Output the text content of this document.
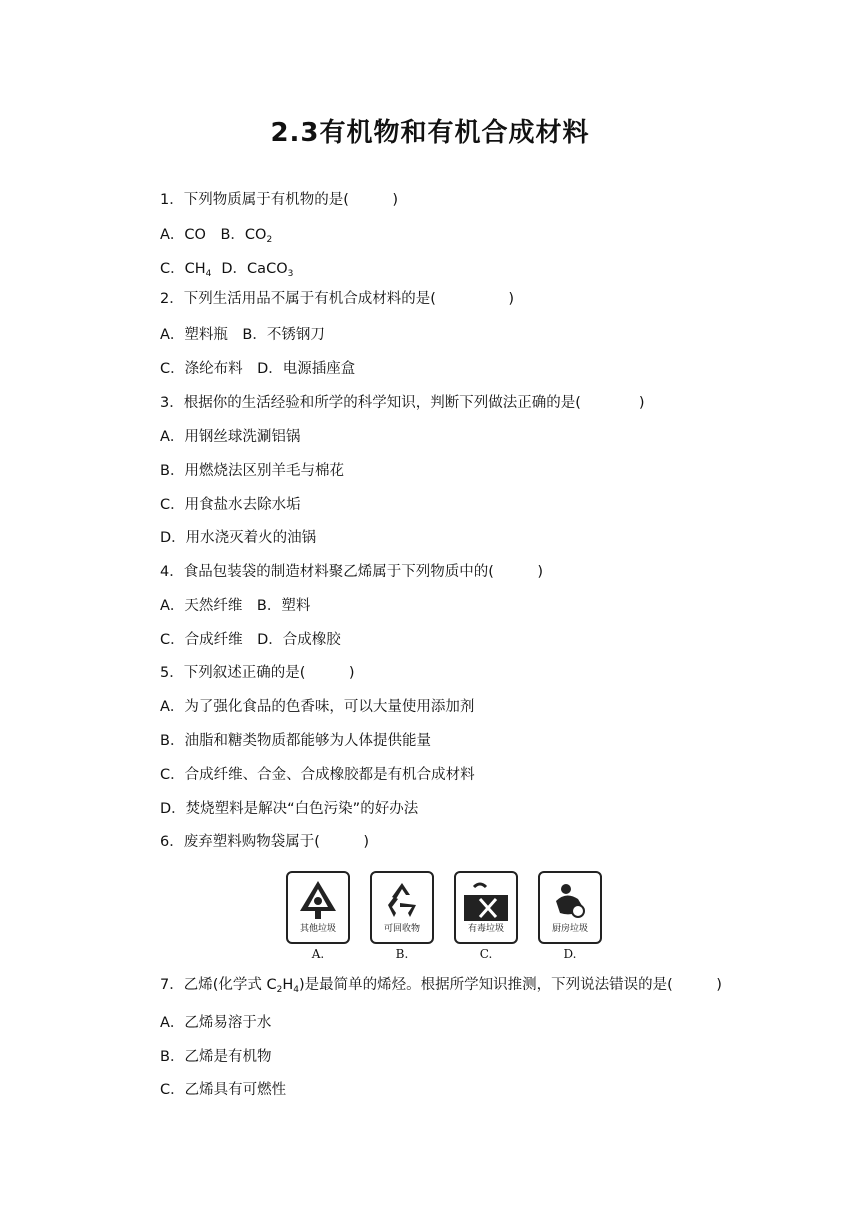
2.3有机物和有机合成材料
1．下列物质属于有机物的是(　　　)
A．CO　B．$CO_2$
C．$CH_4$ D．CaCO$_3$
2．下列生活用品不属于有机合成材料的是(　　　　　)
A．塑料瓶　B．不锈钢刀
C．涤纶布料　D．电源插座盒
3．根据你的生活经验和所学的科学知识，判断下列做法正确的是(　　　　)
A．用钢丝球洗涮铝锅
B．用燃烧法区别羊毛与棉花
C．用食盐水去除水垢
D．用水浇灭着火的油锅
4．食品包装袋的制造材料聚乙烯属于下列物质中的(　　　)
A．天然纤维　B．塑料
C．合成纤维　D．合成橡胶
5．下列叙述正确的是(　　　)
A．为了强化食品的色香味，可以大量使用添加剂
B．油脂和糖类物质都能够为人体提供能量
C．合成纤维、合金、合成橡胶都是有机合成材料
D．焚烧塑料是解决“白色污染”的好办法
6．废弃塑料购物袋属于(　　　)
其他垃圾
A.
可回收物
B.
有毒垃圾
C.
厨房垃圾
D.
7．乙烯(化学式 $C_2H_4$)是最简单的烯烃。根据所学知识推测，下列说法错误的是(　　　)
A．乙烯易溶于水
B．乙烯是有机物
C．乙烯具有可燃性
